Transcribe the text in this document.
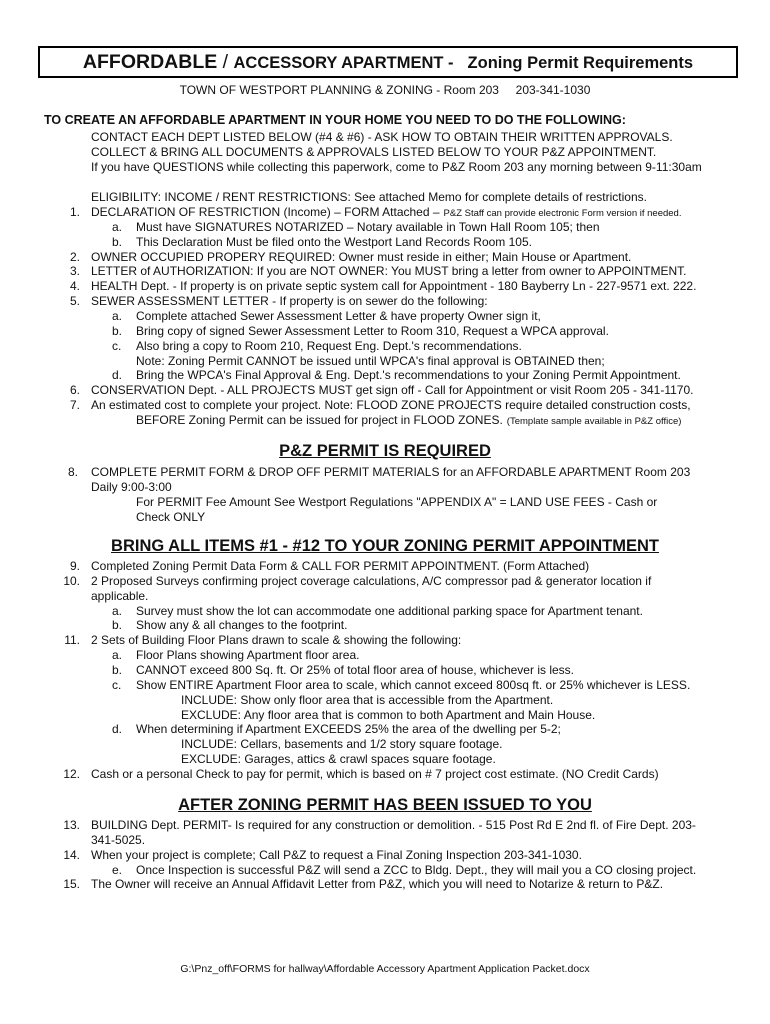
AFFORDABLE / ACCESSORY APARTMENT - Zoning Permit Requirements
TOWN OF WESTPORT PLANNING & ZONING - Room 203     203-341-1030
TO CREATE AN AFFORDABLE APARTMENT IN YOUR HOME YOU NEED TO DO THE FOLLOWING:
CONTACT EACH DEPT LISTED BELOW (#4 & #6) - ASK HOW TO OBTAIN THEIR WRITTEN APPROVALS.
COLLECT & BRING ALL DOCUMENTS & APPROVALS LISTED BELOW TO YOUR P&Z APPOINTMENT.
If you have QUESTIONS while collecting this paperwork, come to P&Z Room 203 any morning between 9-11:30am
ELIGIBILITY: INCOME / RENT RESTRICTIONS: See attached Memo for complete details of restrictions.
1. DECLARATION OF RESTRICTION (Income) – FORM Attached – P&Z Staff can provide electronic Form version if needed.
a. Must have SIGNATURES NOTARIZED – Notary available in Town Hall Room 105; then
b. This Declaration Must be filed onto the Westport Land Records Room 105.
2. OWNER OCCUPIED PROPERY REQUIRED: Owner must reside in either; Main House or Apartment.
3. LETTER of AUTHORIZATION: If you are NOT OWNER: You MUST bring a letter from owner to APPOINTMENT.
4. HEALTH Dept. - If property is on private septic system call for Appointment - 180 Bayberry Ln - 227-9571 ext. 222.
5. SEWER ASSESSMENT LETTER - If property is on sewer do the following:
a. Complete attached Sewer Assessment Letter & have property Owner sign it,
b. Bring copy of signed Sewer Assessment Letter to Room 310, Request a WPCA approval.
c. Also bring a copy to Room 210, Request Eng. Dept.'s recommendations.
Note: Zoning Permit CANNOT be issued until WPCA's final approval is OBTAINED then;
d. Bring the WPCA's Final Approval & Eng. Dept.'s recommendations to your Zoning Permit Appointment.
6. CONSERVATION Dept. - ALL PROJECTS MUST get sign off - Call for Appointment or visit Room 205 - 341-1170.
7. An estimated cost to complete your project. Note: FLOOD ZONE PROJECTS require detailed construction costs,
BEFORE Zoning Permit can be issued for project in FLOOD ZONES. (Template sample available in P&Z office)
P&Z PERMIT IS REQUIRED
8. COMPLETE PERMIT FORM & DROP OFF PERMIT MATERIALS for an AFFORDABLE APARTMENT Room 203
Daily 9:00-3:00
For PERMIT Fee Amount See Westport Regulations "APPENDIX A" = LAND USE FEES - Cash or
Check ONLY
BRING ALL ITEMS #1 - #12 TO YOUR ZONING PERMIT APPOINTMENT
9. Completed Zoning Permit Data Form & CALL FOR PERMIT APPOINTMENT. (Form Attached)
10. 2 Proposed Surveys confirming project coverage calculations, A/C compressor pad & generator location if
applicable.
a. Survey must show the lot can accommodate one additional parking space for Apartment tenant.
b. Show any & all changes to the footprint.
11. 2 Sets of Building Floor Plans drawn to scale & showing the following:
a. Floor Plans showing Apartment floor area.
b. CANNOT exceed 800 Sq. ft. Or 25% of total floor area of house, whichever is less.
c. Show ENTIRE Apartment Floor area to scale, which cannot exceed 800sq ft. or 25% whichever is LESS.
INCLUDE: Show only floor area that is accessible from the Apartment.
EXCLUDE: Any floor area that is common to both Apartment and Main House.
d. When determining if Apartment EXCEEDS 25% the area of the dwelling per 5-2;
INCLUDE: Cellars, basements and 1/2 story square footage.
EXCLUDE: Garages, attics & crawl spaces square footage.
12. Cash or a personal Check to pay for permit, which is based on # 7 project cost estimate. (NO Credit Cards)
AFTER ZONING PERMIT HAS BEEN ISSUED TO YOU
13. BUILDING Dept. PERMIT- Is required for any construction or demolition. - 515 Post Rd E 2nd fl. of Fire Dept. 203-
341-5025.
14. When your project is complete; Call P&Z to request a Final Zoning Inspection 203-341-1030.
e. Once Inspection is successful P&Z will send a ZCC to Bldg. Dept., they will mail you a CO closing project.
15. The Owner will receive an Annual Affidavit Letter from P&Z, which you will need to Notarize & return to P&Z.
G:\Pnz_off\FORMS for hallway\Affordable Accessory Apartment Application Packet.docx
